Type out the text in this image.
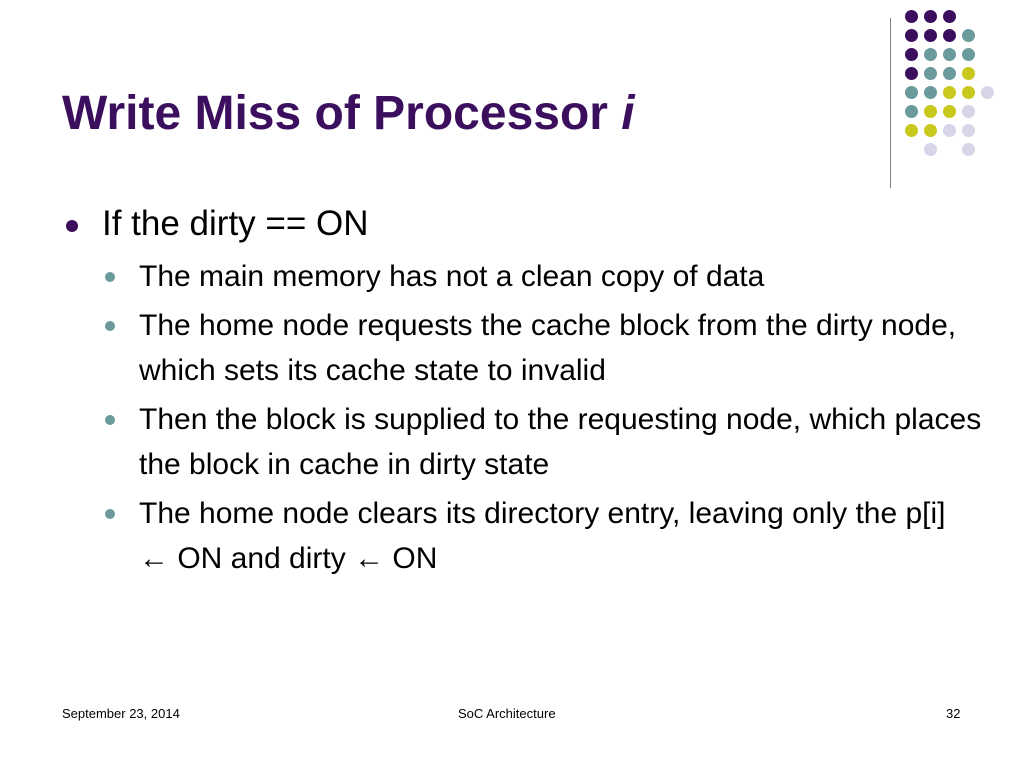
Write Miss of Processor i
If the dirty == ON
The main memory has not a clean copy of data
The home node requests the cache block from the dirty node, which sets its cache state to invalid
Then the block is supplied to the requesting node, which places the block in cache in dirty state
The home node clears its directory entry, leaving only the p[i] ← ON and dirty ← ON
September 23, 2014	SoC Architecture	32
